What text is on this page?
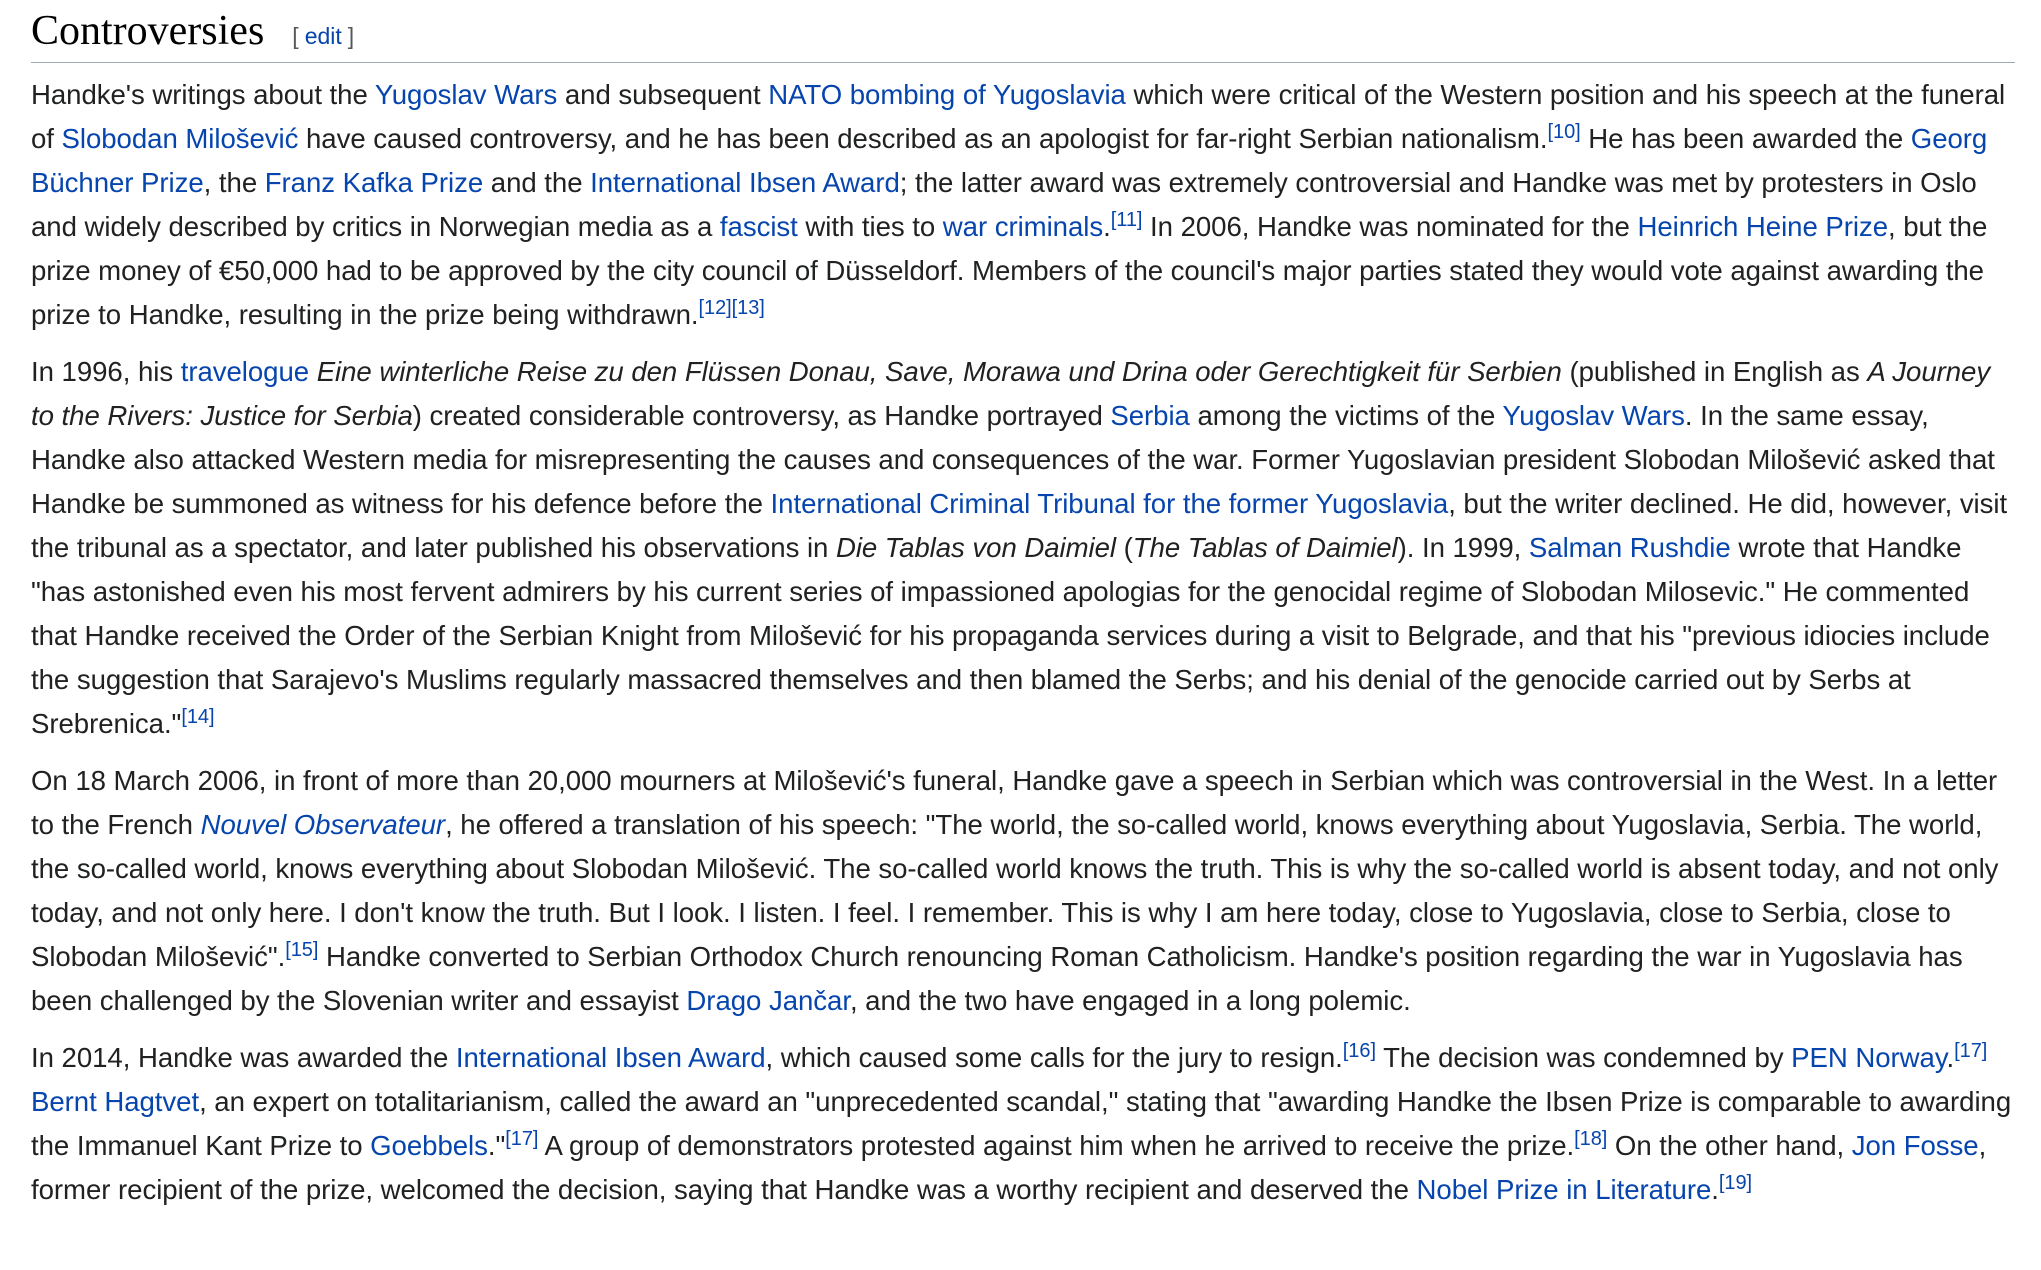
Controversies [ edit ]

Handke's writings about the Yugoslav Wars and subsequent NATO bombing of Yugoslavia which were critical of the Western position and his speech at the funeral of Slobodan Milošević have caused controversy, and he has been described as an apologist for far-right Serbian nationalism.[10] He has been awarded the Georg Büchner Prize, the Franz Kafka Prize and the International Ibsen Award; the latter award was extremely controversial and Handke was met by protesters in Oslo and widely described by critics in Norwegian media as a fascist with ties to war criminals.[11] In 2006, Handke was nominated for the Heinrich Heine Prize, but the prize money of €50,000 had to be approved by the city council of Düsseldorf. Members of the council's major parties stated they would vote against awarding the prize to Handke, resulting in the prize being withdrawn.[12][13]

In 1996, his travelogue Eine winterliche Reise zu den Flüssen Donau, Save, Morawa und Drina oder Gerechtigkeit für Serbien (published in English as A Journey to the Rivers: Justice for Serbia) created considerable controversy, as Handke portrayed Serbia among the victims of the Yugoslav Wars. In the same essay, Handke also attacked Western media for misrepresenting the causes and consequences of the war. Former Yugoslavian president Slobodan Milošević asked that Handke be summoned as witness for his defence before the International Criminal Tribunal for the former Yugoslavia, but the writer declined. He did, however, visit the tribunal as a spectator, and later published his observations in Die Tablas von Daimiel (The Tablas of Daimiel). In 1999, Salman Rushdie wrote that Handke "has astonished even his most fervent admirers by his current series of impassioned apologias for the genocidal regime of Slobodan Milosevic." He commented that Handke received the Order of the Serbian Knight from Milošević for his propaganda services during a visit to Belgrade, and that his "previous idiocies include the suggestion that Sarajevo's Muslims regularly massacred themselves and then blamed the Serbs; and his denial of the genocide carried out by Serbs at Srebrenica."[14]

On 18 March 2006, in front of more than 20,000 mourners at Milošević's funeral, Handke gave a speech in Serbian which was controversial in the West. In a letter to the French Nouvel Observateur, he offered a translation of his speech: "The world, the so-called world, knows everything about Yugoslavia, Serbia. The world, the so-called world, knows everything about Slobodan Milošević. The so-called world knows the truth. This is why the so-called world is absent today, and not only today, and not only here. I don't know the truth. But I look. I listen. I feel. I remember. This is why I am here today, close to Yugoslavia, close to Serbia, close to Slobodan Milošević".[15] Handke converted to Serbian Orthodox Church renouncing Roman Catholicism. Handke's position regarding the war in Yugoslavia has been challenged by the Slovenian writer and essayist Drago Jančar, and the two have engaged in a long polemic.

In 2014, Handke was awarded the International Ibsen Award, which caused some calls for the jury to resign.[16] The decision was condemned by PEN Norway.[17] Bernt Hagtvet, an expert on totalitarianism, called the award an "unprecedented scandal," stating that "awarding Handke the Ibsen Prize is comparable to awarding the Immanuel Kant Prize to Goebbels."[17] A group of demonstrators protested against him when he arrived to receive the prize.[18] On the other hand, Jon Fosse, former recipient of the prize, welcomed the decision, saying that Handke was a worthy recipient and deserved the Nobel Prize in Literature.[19]
